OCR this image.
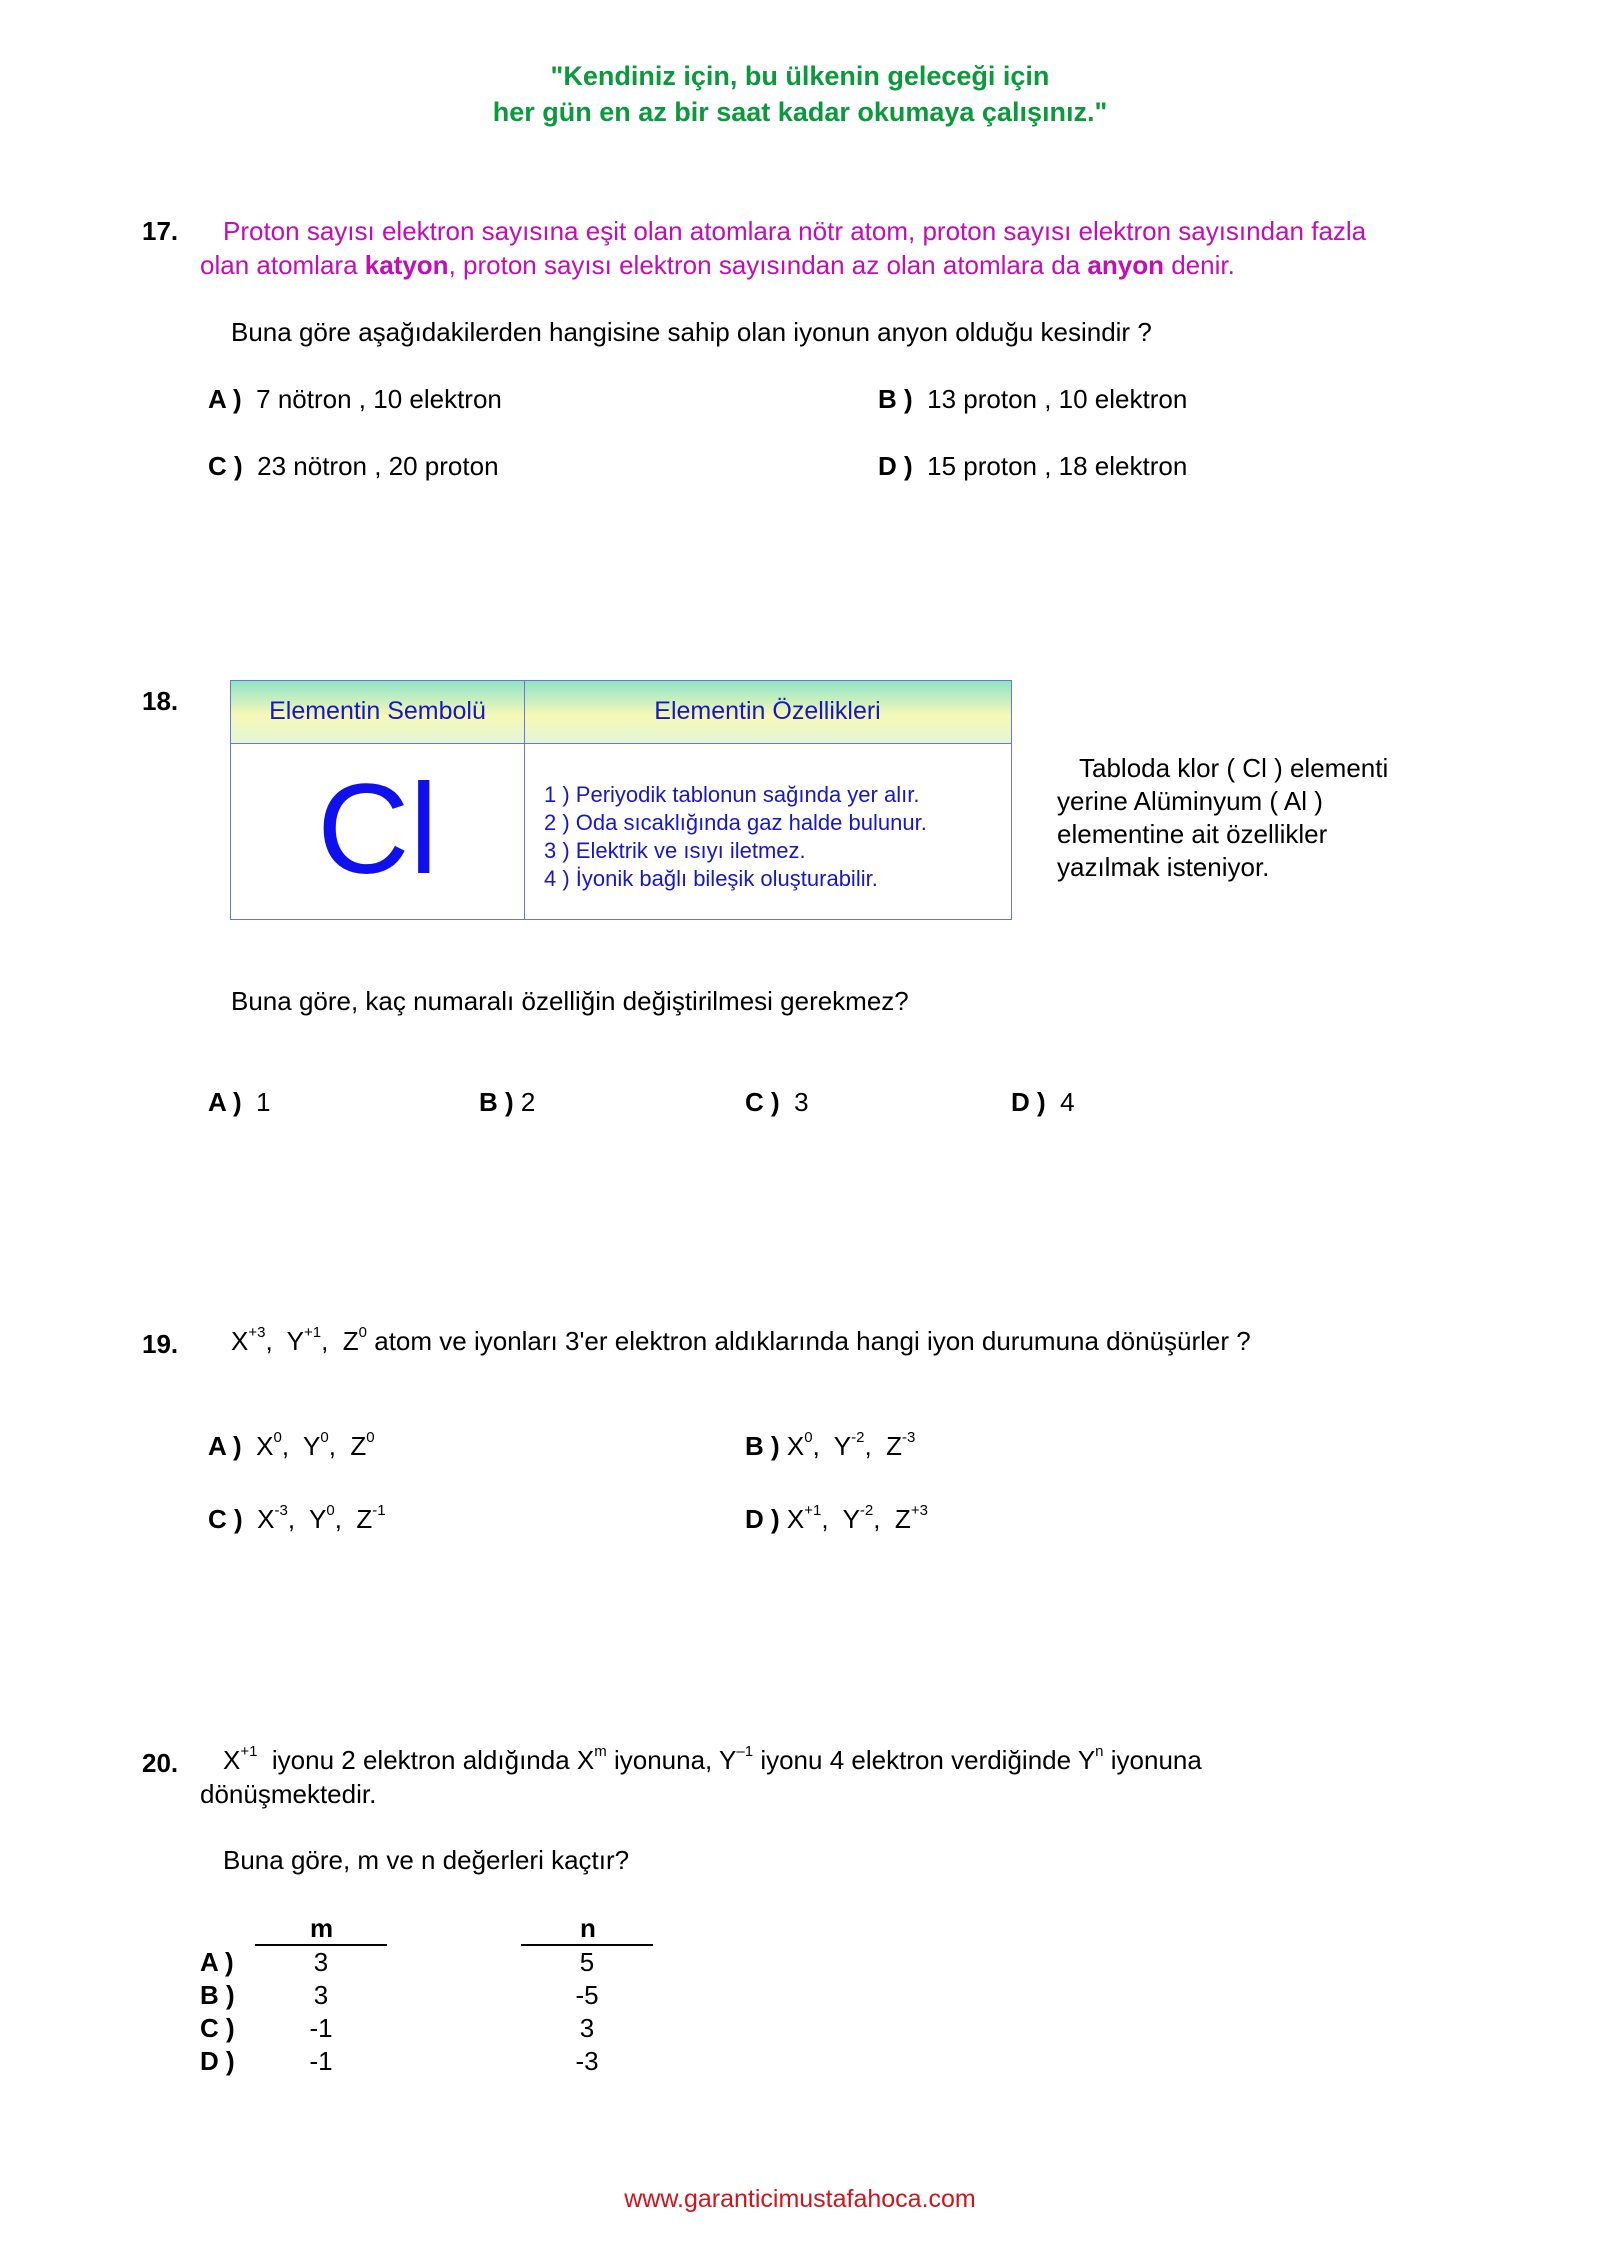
"Kendiniz için, bu ülkenin geleceği için
her gün en az bir saat kadar okumaya çalışınız."
17. Proton sayısı elektron sayısına eşit olan atomlara nötr atom, proton sayısı elektron sayısından fazla
olan atomlara katyon, proton sayısı elektron sayısından az olan atomlara da anyon denir.
Buna göre aşağıdakilerden hangisine sahip olan iyonun anyon olduğu kesindir ?
A ) 7 nötron , 10 elektron	B ) 13 proton , 10 elektron
C ) 23 nötron , 20 proton	D ) 15 proton , 18 elektron
18.	Elementin Sembolü	Elementin Özellikleri
Cl	1 ) Periyodik tablonun sağında yer alır.
2 ) Oda sıcaklığında gaz halde bulunur.
3 ) Elektrik ve ısıyı iletmez.
4 ) İyonik bağlı bileşik oluşturabilir.
Tabloda klor ( Cl ) elementi
yerine Alüminyum ( Al )
elementine ait özellikler
yazılmak isteniyor.
Buna göre, kaç numaralı özelliğin değiştirilmesi gerekmez?
A ) 1	B ) 2	C ) 3	D ) 4
19. $X^{+3}$,  $Y^{+1}$,  $Z^0$ atom ve iyonları 3'er elektron aldıklarında hangi iyon durumuna dönüşürler ?
A ) $X^0$,  $Y^0$,  $Z^0$	B ) $X^0$,  $Y^{-2}$,  $Z^{-3}$
C ) $X^{-3}$,  $Y^0$,  $Z^{-1}$	D ) $X^{+1}$,  $Y^{-2}$,  $Z^{+3}$
20. $X^{+1}$ iyonu 2 elektron aldığında $X^m$ iyonuna, $Y^{-1}$ iyonu 4 elektron verdiğinde $Y^n$ iyonuna
dönüşmektedir.
Buna göre, m ve n değerleri kaçtır?
m	n
A )	3	5
B )	3	-5
C )	-1	3
D )	-1	-3
www.garanticimustafahoca.com
